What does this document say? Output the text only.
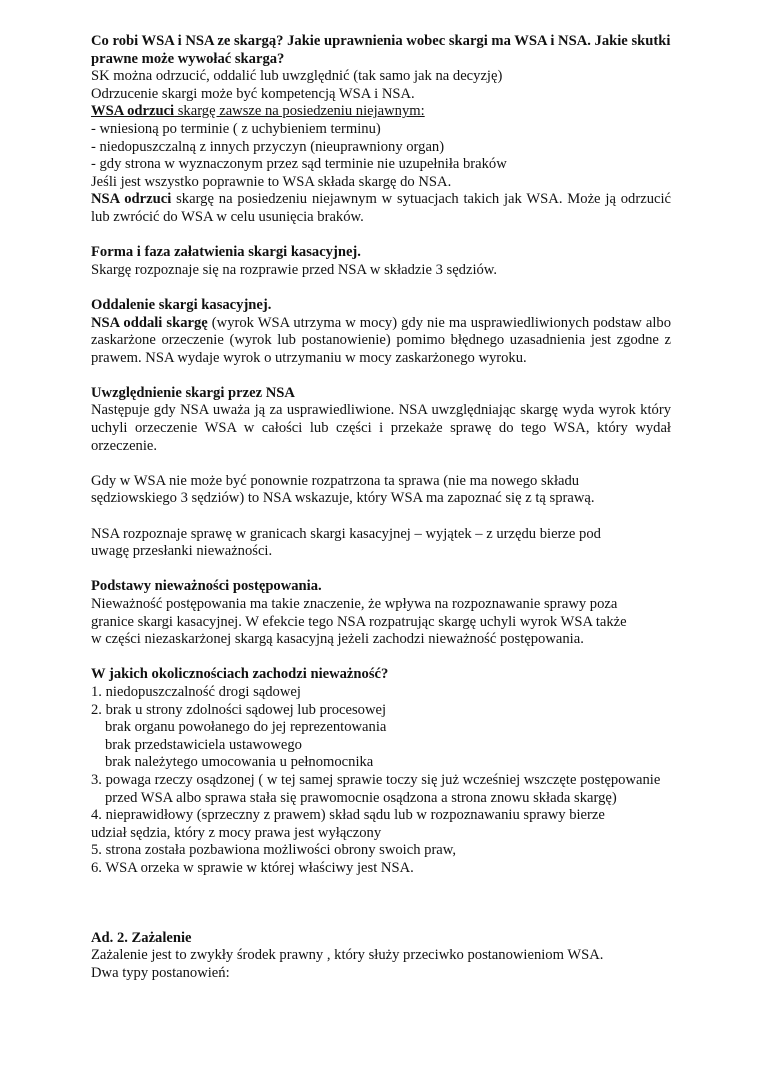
Co robi WSA i NSA ze skargą? Jakie uprawnienia wobec skargi ma WSA i NSA. Jakie skutki prawne może wywołać skarga?

SK można odrzucić, oddalić lub uwzględnić (tak samo jak na decyzję)

Odrzucenie skargi może być kompetencją WSA i NSA.

WSA odrzuci skargę zawsze na posiedzeniu niejawnym:

- wniesioną po terminie ( z uchybieniem terminu)

- niedopuszczalną z innych przyczyn (nieuprawniony organ)

- gdy strona w wyznaczonym przez sąd terminie nie uzupełniła braków

Jeśli jest wszystko poprawnie to WSA składa skargę do NSA.

NSA odrzuci skargę na posiedzeniu niejawnym w sytuacjach takich jak WSA. Może ją odrzucić lub zwrócić do WSA w celu usunięcia braków.

Forma i faza załatwienia skargi kasacyjnej.

Skargę rozpoznaje się na rozprawie przed NSA w składzie 3 sędziów.

Oddalenie skargi kasacyjnej.

NSA oddali skargę (wyrok WSA utrzyma w mocy) gdy nie ma usprawiedliwionych podstaw albo zaskarżone orzeczenie (wyrok lub postanowienie) pomimo błędnego uzasadnienia jest zgodne z prawem. NSA wydaje wyrok o utrzymaniu w mocy zaskarżonego wyroku.

Uwzględnienie skargi przez NSA

Następuje gdy NSA uważa ją za usprawiedliwione. NSA uwzględniając skargę wyda wyrok który uchyli orzeczenie WSA w całości lub części i przekaże sprawę do tego WSA, który wydał orzeczenie.

Gdy w WSA nie może być ponownie rozpatrzona ta sprawa (nie ma nowego składu

sędziowskiego 3 sędziów) to NSA wskazuje, który WSA ma zapoznać się z tą sprawą.

NSA rozpoznaje sprawę w granicach skargi kasacyjnej – wyjątek – z urzędu bierze pod

uwagę przesłanki nieważności.

Podstawy nieważności postępowania.

Nieważność postępowania ma takie znaczenie, że wpływa na rozpoznawanie sprawy poza

granice skargi kasacyjnej. W efekcie tego NSA rozpatrując skargę uchyli wyrok WSA także

w części niezaskarżonej skargą kasacyjną jeżeli zachodzi nieważność postępowania.

W jakich okolicznościach zachodzi nieważność?

1. niedopuszczalność drogi sądowej

2. brak u strony zdolności sądowej lub procesowej

brak organu powołanego do jej reprezentowania

brak przedstawiciela ustawowego

brak należytego umocowania u pełnomocnika

3. powaga rzeczy osądzonej ( w tej samej sprawie toczy się już wcześniej wszczęte postępowanie przed WSA albo sprawa stała się prawomocnie osądzona a strona znowu składa skargę)

4. nieprawidłowy (sprzeczny z prawem) skład sądu lub w rozpoznawaniu sprawy bierze

udział sędzia, który z mocy prawa jest wyłączony

5. strona została pozbawiona możliwości obrony swoich praw,

6. WSA orzeka w sprawie w której właściwy jest NSA.

Ad. 2. Zażalenie

Zażalenie jest to zwykły środek prawny , który służy przeciwko postanowieniom WSA.

Dwa typy postanowień:
